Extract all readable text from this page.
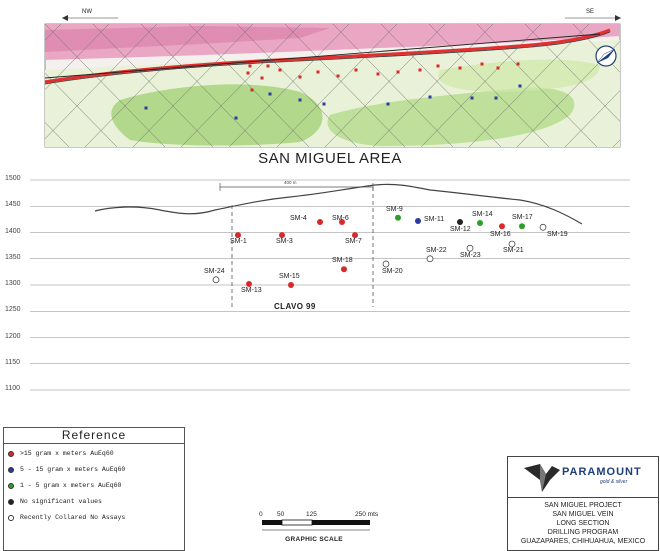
NW	SE
SAN MIGUEL AREA
1500
1450
1400
1350
1300
1250
1200
1150
1100
400 m
CLAVO 99
SM-1	SM-3
SM-4	SM-6
SM-7
SM-9
SM-11
SM-12
SM-13
SM-14
SM-15
SM-16
SM-17
SM-18
SM-19
SM-20
SM-21
SM-22
SM-23
SM-24
Reference
>15 gram x meters AuEq60
5 - 15 gram x meters AuEq60
1 - 5 gram x meters AuEq60
No significant values
Recently Collared No Assays
PARAMOUNT
gold & silver
SAN MIGUEL PROJECT
SAN MIGUEL VEIN
LONG SECTION
DRILLING PROGRAM
GUAZAPARES, CHIHUAHUA, MEXICO
0 50	125	250 mts
GRAPHIC SCALE
